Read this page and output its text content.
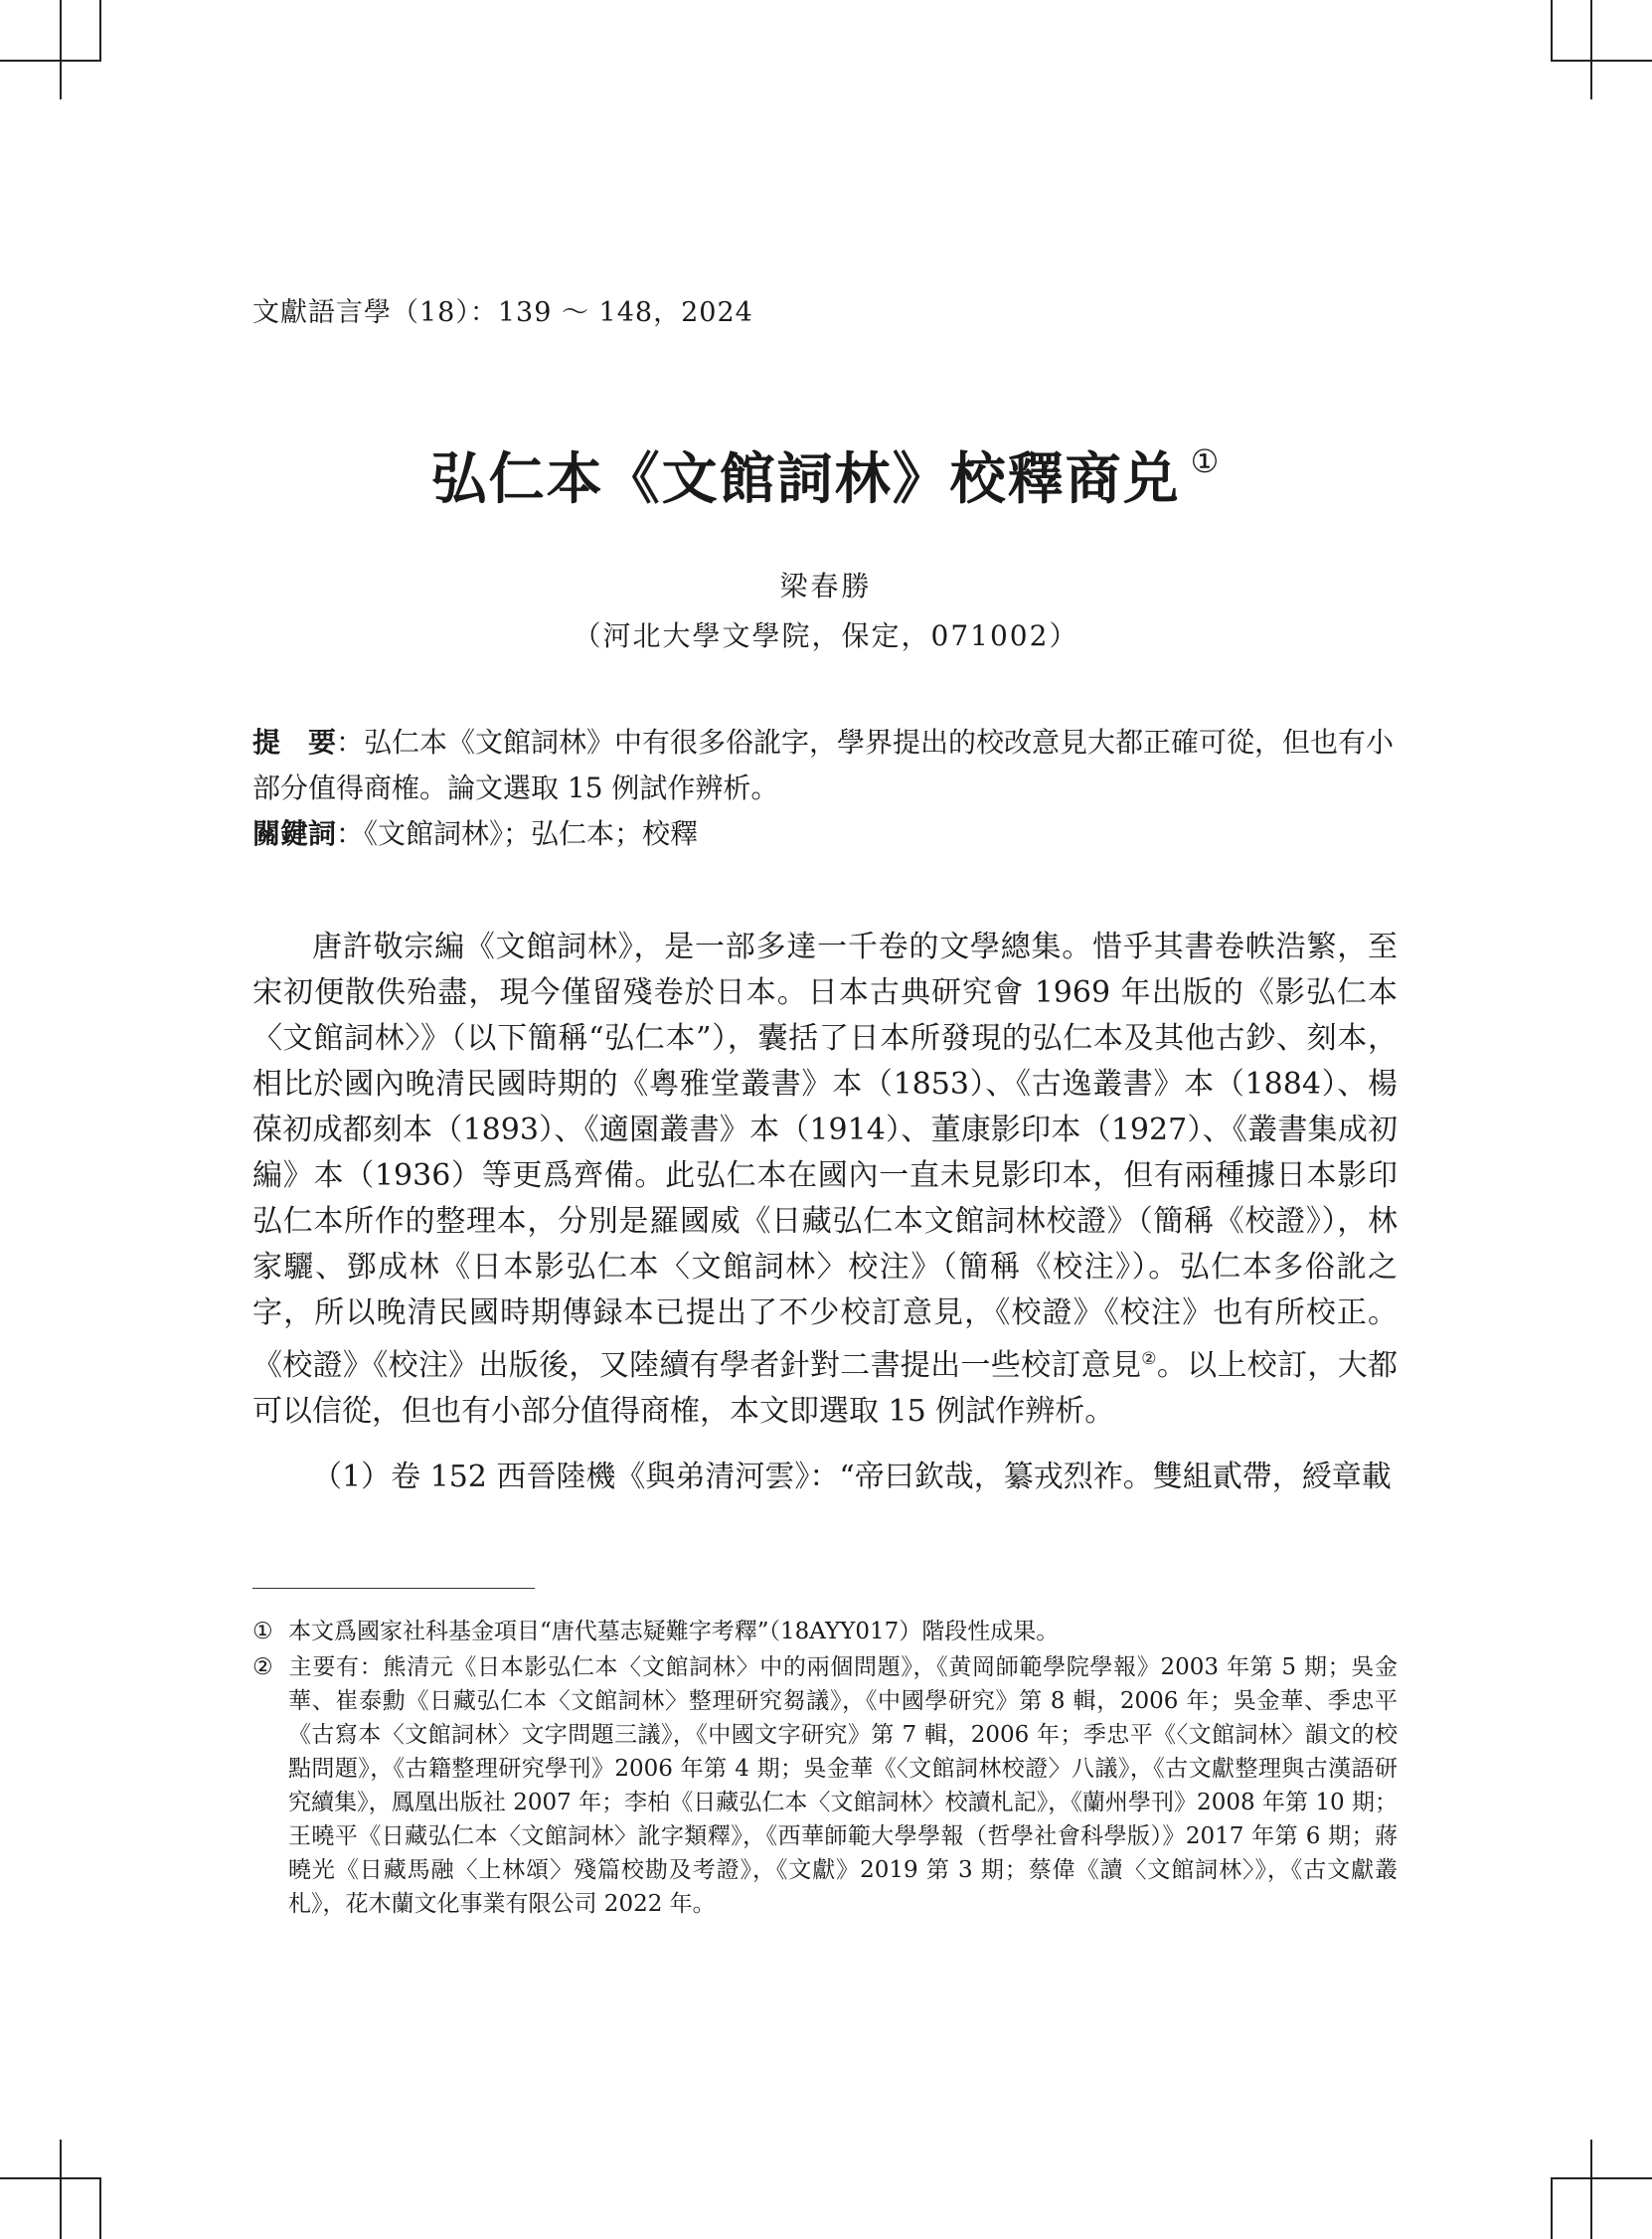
文獻語言學（18）：139 ～ 148，2024
弘仁本《文館詞林》校釋商兑 ①
梁春勝
（河北大學文學院，保定，071002）

提　要：弘仁本《文館詞林》中有很多俗訛字，學界提出的校改意見大都正確可從，但也有小部分值得商榷。論文選取 15 例試作辨析。

關鍵詞：《文館詞林》；弘仁本；校釋

唐許敬宗編《文館詞林》，是一部多達一千卷的文學總集。惜乎其書卷帙浩繁，至宋初便散佚殆盡，現今僅留殘卷於日本。日本古典研究會 1969 年出版的《影弘仁本〈文館詞林〉》（以下簡稱“弘仁本”），囊括了日本所發現的弘仁本及其他古鈔、刻本，相比於國內晚清民國時期的《粵雅堂叢書》本（1853）、《古逸叢書》本（1884）、楊葆初成都刻本（1893）、《適園叢書》本（1914）、董康影印本（1927）、《叢書集成初編》本（1936）等更爲齊備。此弘仁本在國內一直未見影印本，但有兩種據日本影印弘仁本所作的整理本，分別是羅國威《日藏弘仁本文館詞林校證》（簡稱《校證》），林家驪、鄧成林《日本影弘仁本〈文館詞林〉校注》（簡稱《校注》）。弘仁本多俗訛之字，所以晚清民國時期傳録本已提出了不少校訂意見，《校證》《校注》也有所校正。《校證》《校注》出版後，又陸續有學者針對二書提出一些校訂意見②。以上校訂，大都可以信從，但也有小部分值得商榷，本文即選取 15 例試作辨析。

（1）卷 152 西晉陸機《與弟清河雲》：“帝曰欽哉，纂戎烈祚。雙組貳帶，綬章載

① 本文爲國家社科基金項目“唐代墓志疑難字考釋”（18AYY017）階段性成果。

② 主要有：熊清元《日本影弘仁本〈文館詞林〉中的兩個問題》，《黄岡師範學院學報》2003 年第 5 期；吳金華、崔泰勳《日藏弘仁本〈文館詞林〉整理研究芻議》，《中國學研究》第 8 輯，2006 年；吳金華、季忠平《古寫本〈文館詞林〉文字問題三議》，《中國文字研究》第 7 輯，2006 年；季忠平《〈文館詞林〉韻文的校點問題》，《古籍整理研究學刊》2006 年第 4 期；吳金華《〈文館詞林校證〉八議》，《古文獻整理與古漢語研究續集》，鳳凰出版社 2007 年；李柏《日藏弘仁本〈文館詞林〉校讀札記》，《蘭州學刊》2008 年第 10 期；王曉平《日藏弘仁本〈文館詞林〉訛字類釋》，《西華師範大學學報（哲學社會科學版）》2017 年第 6 期；蔣曉光《日藏馬融〈上林頌〉殘篇校勘及考證》，《文獻》2019 第 3 期；蔡偉《讀〈文館詞林〉》，《古文獻叢札》，花木蘭文化事業有限公司 2022 年。
